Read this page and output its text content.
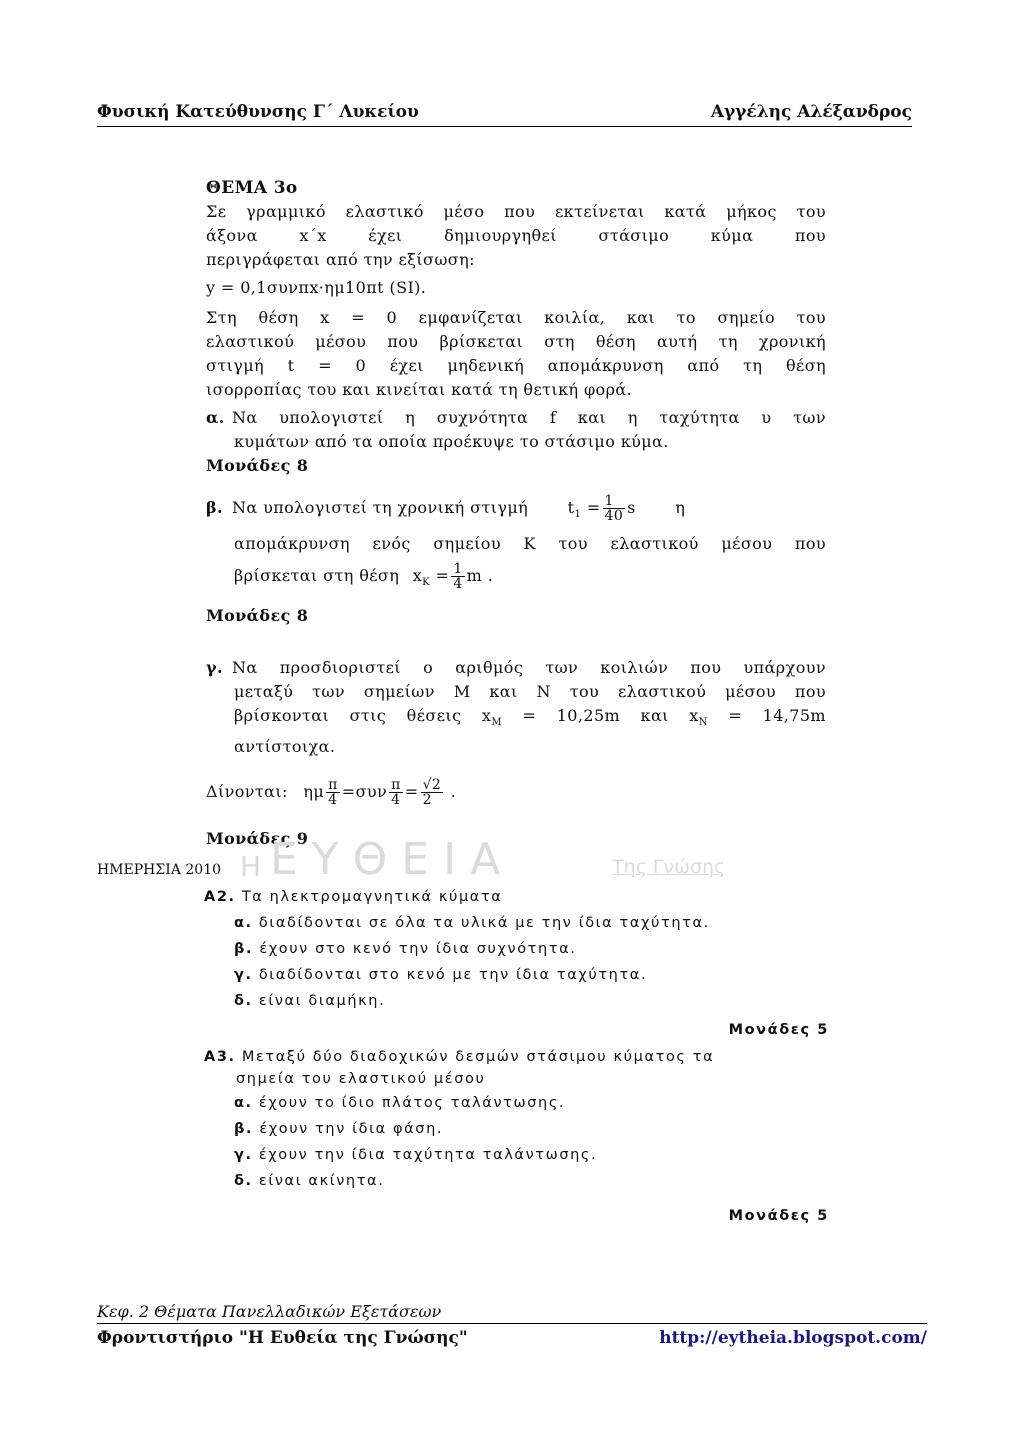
Φυσική Κατεύθυνσης Γ΄ Λυκείου	Αγγέλης Αλέξανδρος
ΘΕΜΑ 3ο
Σε γραμμικό ελαστικό μέσο που εκτείνεται κατά μήκος του
άξονα x΄x έχει δημιουργηθεί στάσιμο κύμα που
περιγράφεται από την εξίσωση:
y = 0,1συνπx·ημ10πt (SI).
Στη θέση x = 0 εμφανίζεται κοιλία, και το σημείο του
ελαστικού μέσου που βρίσκεται στη θέση αυτή τη χρονική
στιγμή t = 0 έχει μηδενική απομάκρυνση από τη θέση
ισορροπίας του και κινείται κατά τη θετική φορά.
α. Να υπολογιστεί η συχνότητα f και η ταχύτητα υ των
κυμάτων από τα οποία προέκυψε το στάσιμο κύμα.
Μονάδες 8
β. Να υπολογιστεί τη χρονική στιγμή $t_1 = \frac{1}{40}$ s η
απομάκρυνση ενός σημείου Κ του ελαστικού μέσου που
βρίσκεται στη θέση $x_K = \frac{1}{4}$ m .
Μονάδες 8
γ. Να προσδιοριστεί ο αριθμός των κοιλιών που υπάρχουν
μεταξύ των σημείων Μ και Ν του ελαστικού μέσου που
βρίσκονται στις θέσεις $x_M = 10,25m$ και $x_N = 14,75m$
αντίστοιχα.
Δίνονται: ημ $\frac{\pi}{4} =\sigma\upsilon\nu \frac{\pi}{4} = \frac{√2}{2}$ .
Μονάδες 9
Η ΕΥΘΕΙΑ	Της Γνώσης
ΗΜΕΡΗΣΙΑ 2010
Α2. Τα ηλεκτρομαγνητικά κύματα
α. διαδίδονται σε όλα τα υλικά με την ίδια ταχύτητα.
β. έχουν στο κενό την ίδια συχνότητα.
γ. διαδίδονται στο κενό με την ίδια ταχύτητα.
δ. είναι διαμήκη.
Μονάδες 5
Α3. Μεταξύ δύο διαδοχικών δεσμών στάσιμου κύματος τα
σημεία του ελαστικού μέσου
α. έχουν το ίδιο πλάτος ταλάντωσης.
β. έχουν την ίδια φάση.
γ. έχουν την ίδια ταχύτητα ταλάντωσης.
δ. είναι ακίνητα.
Μονάδες 5
Κεφ. 2 Θέματα Πανελλαδικών Εξετάσεων
Φροντιστήριο "Η Ευθεία της Γνώσης"	http://eytheia.blogspot.com/
